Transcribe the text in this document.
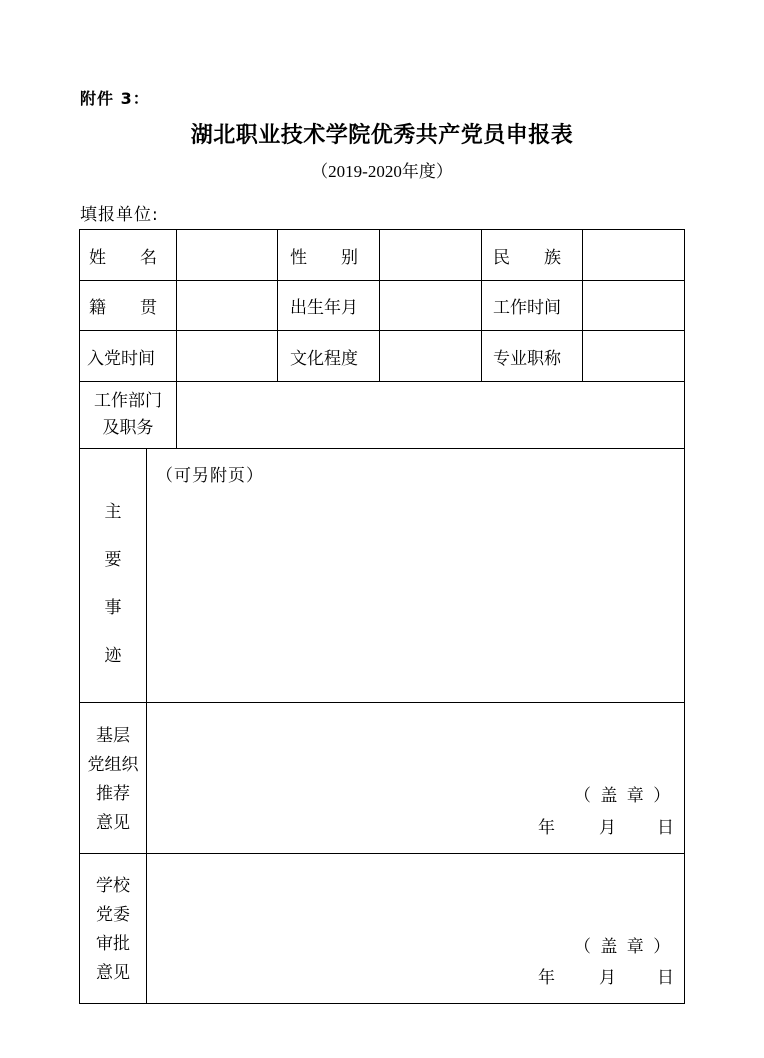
附件 3：
湖北职业技术学院优秀共产党员申报表
（2019-2020年度）
填报单位:
姓　　名	性　　别	民　　族
籍　　贯	出生年月	工作时间
入党时间	文化程度	专业职称
工作部门
及职务
主
要
事
迹
（可另附页）
基层
党组织
推荐
意见
（ 盖 章 ）
年	月 日
学校
党委
审批
意见
（ 盖 章 ）
年	月 日
